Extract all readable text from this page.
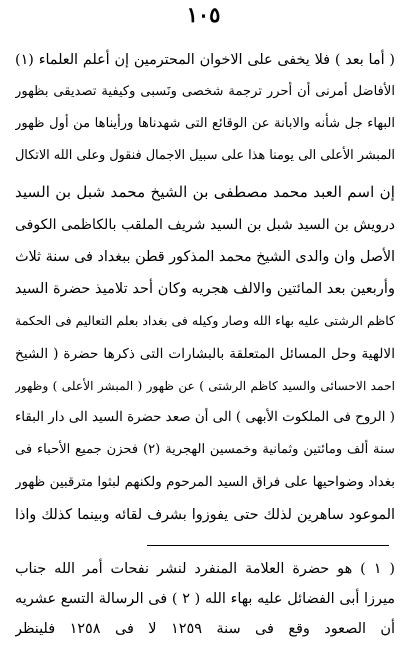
١٠٥
( أما بعد ) فلا يخفى على الاخوان المحترمين إن أعلم العلماء (١)
الأفاضل أمرنى أن أحرر ترجمة شخصى ونَسبى وكيفية تصديقى بظهور
البهاء جل شأنه والابانة عن الوقائع التى شهدناها ورأيناها من أول ظهور
المبشر الأعلى الى يومنا هذا على سبيل الاجمال فنقول وعلى الله الاتكال
إن اسم العبد محمد مصطفى بن الشيخ محمد شبل بن السيد
درويش بن السيد شبل بن السيد شريف الملقب بالكاظمى الكوفى
الأصل وان والدى الشيخ محمد المذكور قطن ببغداد فى سنة ثلاث
وأربعين بعد المائتين والالف هجريه وكان أحد تلاميذ حضرة السيد
كاظم الرشتى عليه بهاء الله وصار وكيله فى بغداد بعلم التعاليم فى الحكمة
الالهية وحل المسائل المتعلقة بالبشارات التى ذكرها حضرة ( الشيخ
احمد الاحسائى والسيد كاظم الرشتى ) عن ظهور ( المبشر الأعلى ) وظهور
( الروح فى الملكوت الأبهى ) الى أن صعد حضرة السيد الى دار البقاء
سنة ألف ومائتين وثمانية وخمسين الهجرية (٢) فحزن جميع الأحباء فى
بغداد وضواحيها على فراق السيد المرحوم ولكنهم لبثوا مترقبين ظهور
الموعود ساهرين لذلك حتى يفوزوا بشرف لقائه وبينما كذلك واذا
( ١ ) هو حضرة العلامة المنفرد لنشر نفحات أمر الله جناب
ميرزا أبى الفضائل عليه بهاء الله ( ٢ ) فى الرسالة التسع عشريه
أن الصعود وقع فى سنة ١٢٥٩ لا فى ١٢٥٨ فلينظر
